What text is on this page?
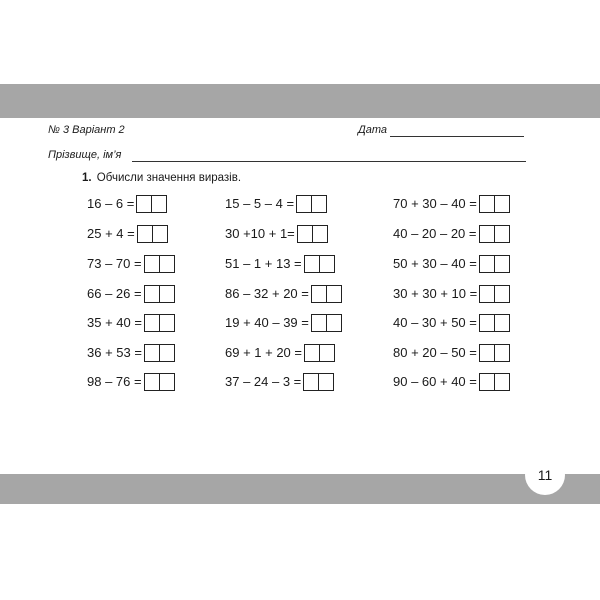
№ 3 Варіант 2	Дата
Прізвище, ім’я
1. Обчисли значення виразів.
16 – 6 =
25 + 4 =
73 – 70 =
66 – 26 =
35 + 40 =
36 + 53 =
98 – 76 =
15 – 5 – 4 =
30 +10 + 1=
51 – 1 + 13 =
86 – 32 + 20 =
19 + 40 – 39 =
69 + 1 + 20 =
37 – 24 – 3 =
70 + 30 – 40 =
40 – 20 – 20 =
50 + 30 – 40 =
30 + 30 + 10 =
40 – 30 + 50 =
80 + 20 – 50 =
90 – 60 + 40 =
11
